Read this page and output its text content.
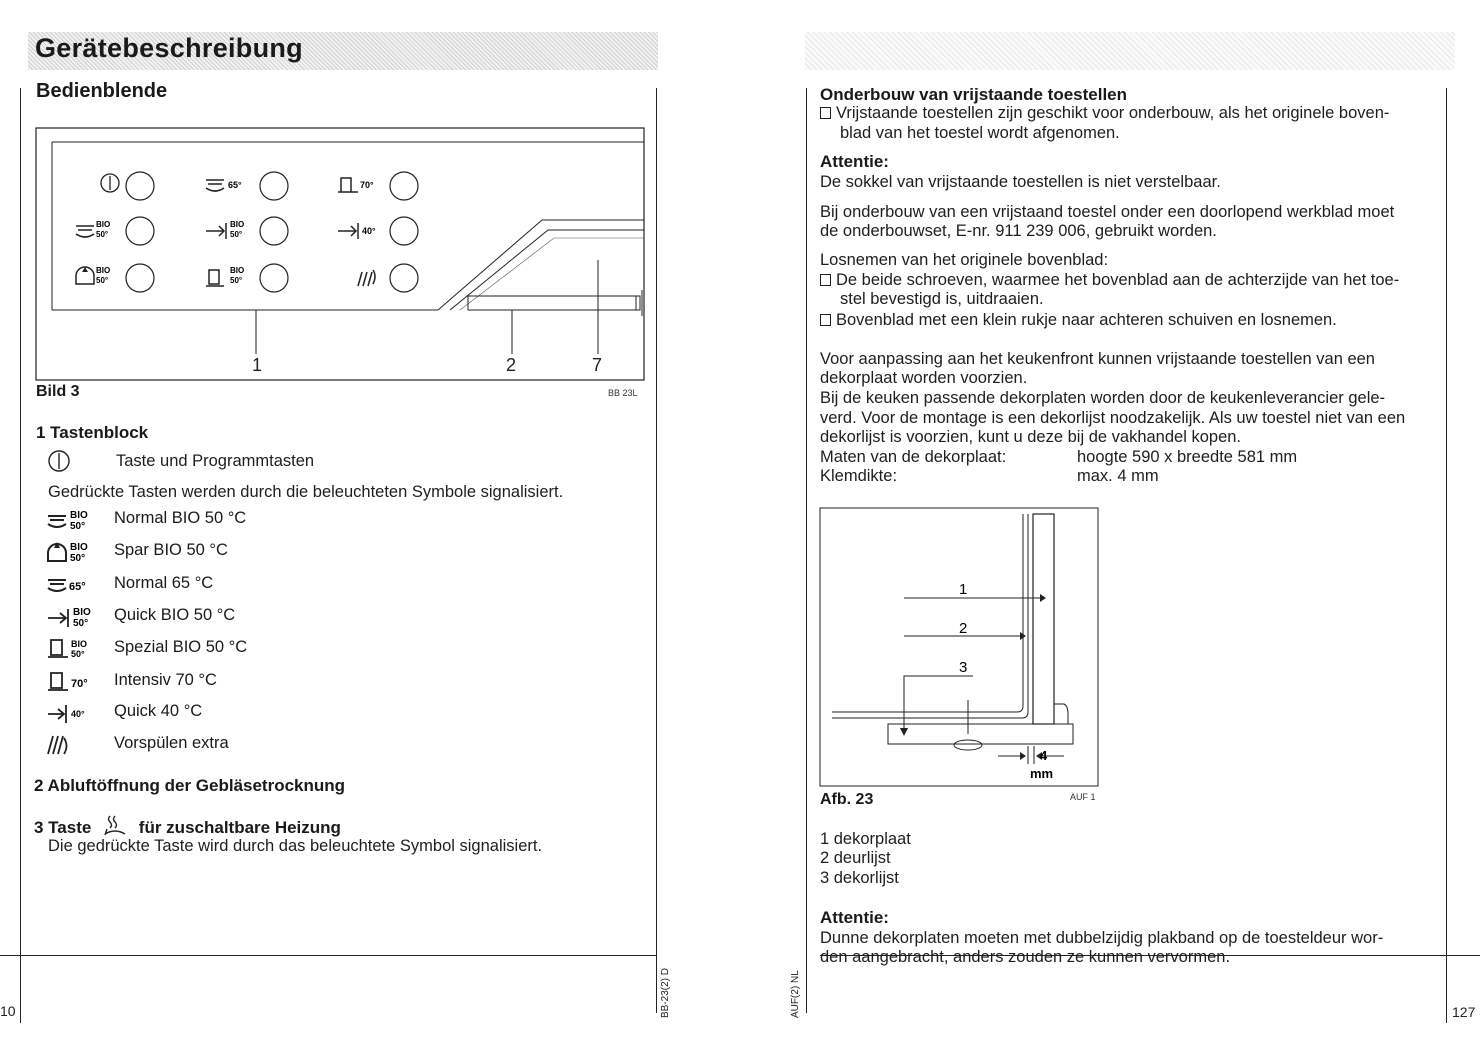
Gerätebeschreibung
Bedienblende
65°	70°
BIO
50°
BIO
50°	40°
BIO
50°
BIO
50°
1	2	7
Bild 3	BB 23L
1 Tastenblock
Taste und Programmtasten
Gedrückte Tasten werden durch die beleuchteten Symbole signalisiert.
BIO
50° Normal BIO 50 °C
BIO
50° Spar BIO 50 °C
65° Normal 65 °C
BIO
50° Quick BIO 50 °C
BIO
50° Spezial BIO 50 °C
70° Intensiv 70 °C
40° Quick 40 °C
Vorspülen extra
2 Abluftöffnung der Gebläsetrocknung
3 Taste	für zuschaltbare Heizung
Die gedrückte Taste wird durch das beleuchtete Symbol signalisiert.
BB-23(2) D
10
Onderbouw van vrijstaande toestellen
Vrijstaande toestellen zijn geschikt voor onderbouw, als het originele boven-
blad van het toestel wordt afgenomen.
Attentie:
De sokkel van vrijstaande toestellen is niet verstelbaar.
Bij onderbouw van een vrijstaand toestel onder een doorlopend werkblad moet
de onderbouwset, E-nr. 911 239 006, gebruikt worden.
Losnemen van het originele bovenblad:
De beide schroeven, waarmee het bovenblad aan de achterzijde van het toe-
stel bevestigd is, uitdraaien.
Bovenblad met een klein rukje naar achteren schuiven en losnemen.
Voor aanpassing aan het keukenfront kunnen vrijstaande toestellen van een
dekorplaat worden voorzien.
Bij de keuken passende dekorplaten worden door de keukenleverancier gele-
verd. Voor de montage is een dekorlijst noodzakelijk. Als uw toestel niet van een
dekorlijst is voorzien, kunt u deze bij de vakhandel kopen.
Maten van de dekorplaat:	hoogte 590 x breedte 581 mm
Klemdikte:	max. 4 mm
4
mm
1
2
3
Afb. 23	AUF 1
1 dekorplaat
2 deurlijst
3 dekorlijst
Attentie:
Dunne dekorplaten moeten met dubbelzijdig plakband op de toesteldeur wor-
den aangebracht, anders zouden ze kunnen vervormen.
AUF(2) NL	127
